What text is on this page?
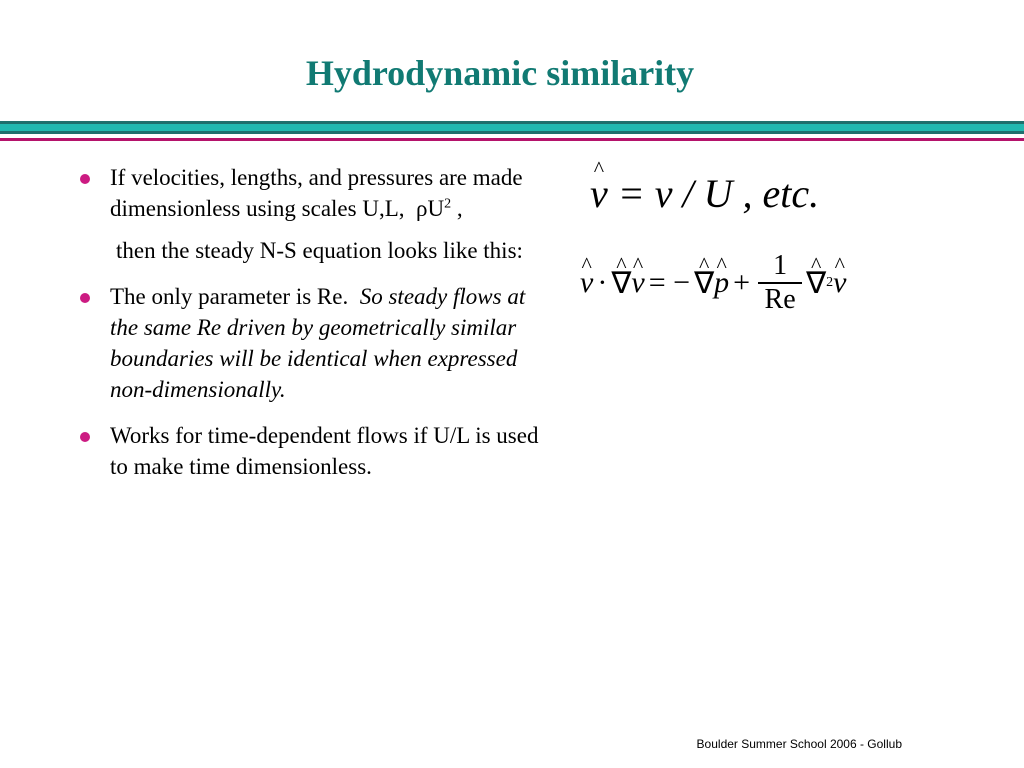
Hydrodynamic similarity
If velocities, lengths, and pressures are made dimensionless using scales U,L, $\rho U^2$ ,
then the steady N-S equation looks like this:
The only parameter is Re. So steady flows at the same Re driven by geometrically similar boundaries will be identical when expressed non-dimensionally.
Works for time-dependent flows if U/L is used to make time dimensionless.
^ v = v / U , etc.
^ v · ^ ∇ ^ v = − ^ ∇ ^ $p + \frac{1}{Re}$ ^ ∇ 2 ^ v
Boulder Summer School 2006 - Gollub
